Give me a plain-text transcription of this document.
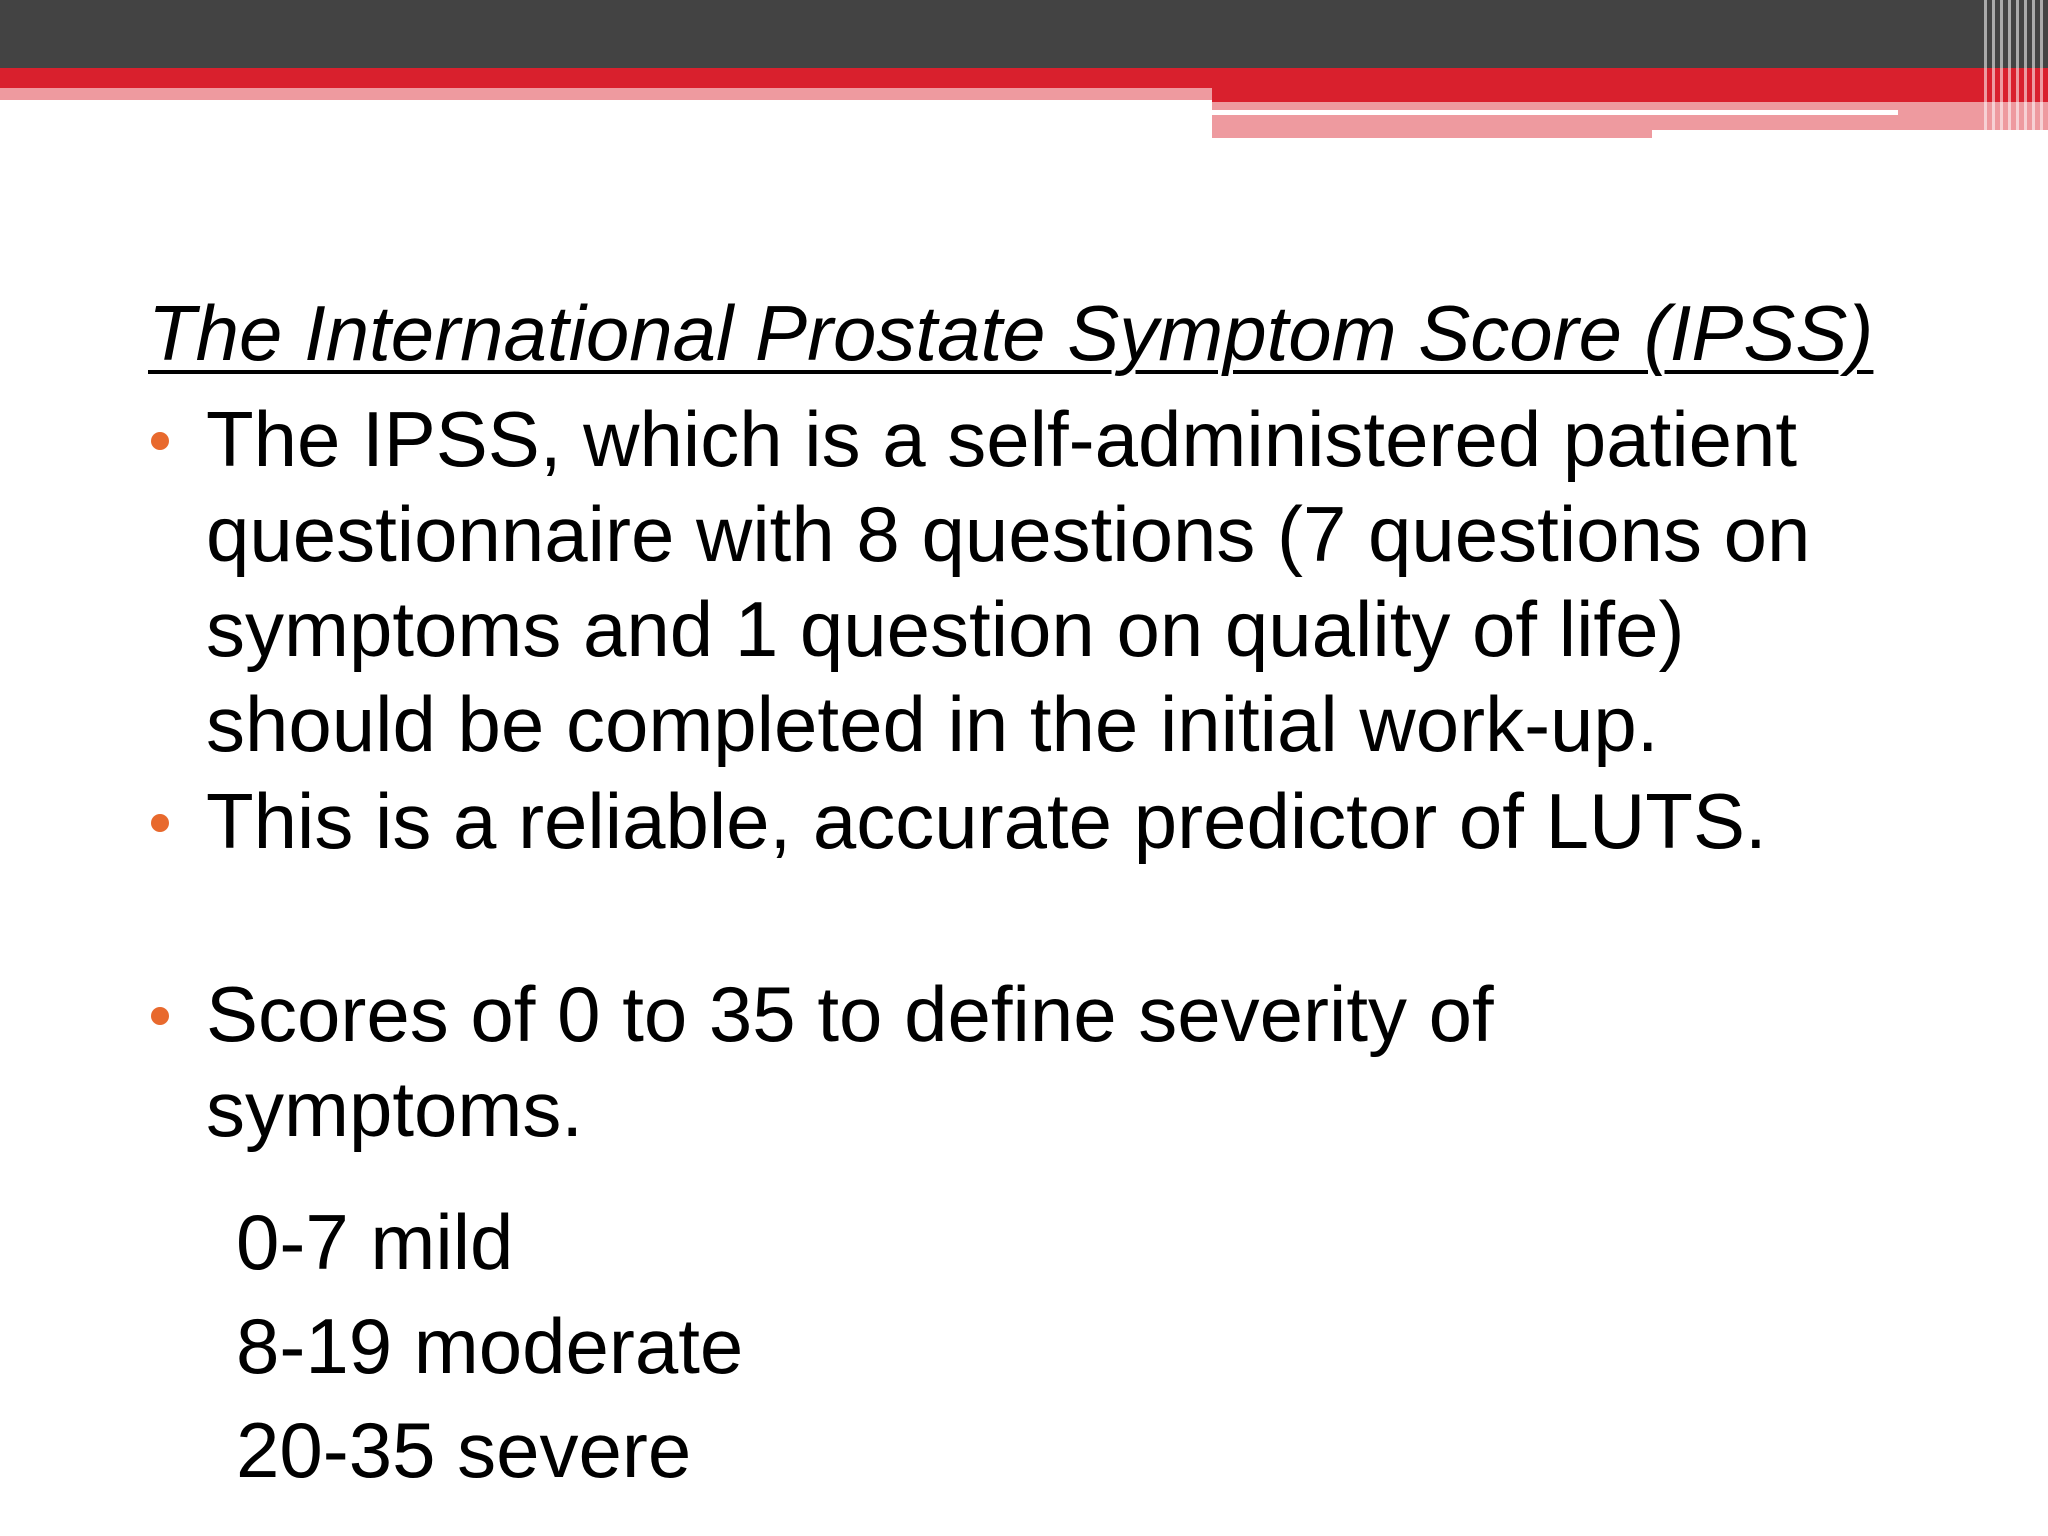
The International Prostate Symptom Score (IPSS)
The IPSS, which is a self-administered patient
questionnaire with 8 questions (7 questions on
symptoms and 1 question on quality of life)
should be completed in the initial work-up.
This is a reliable, accurate predictor of LUTS.
Scores of 0 to 35 to define severity of
symptoms.
0-7 mild
8-19 moderate
20-35 severe
